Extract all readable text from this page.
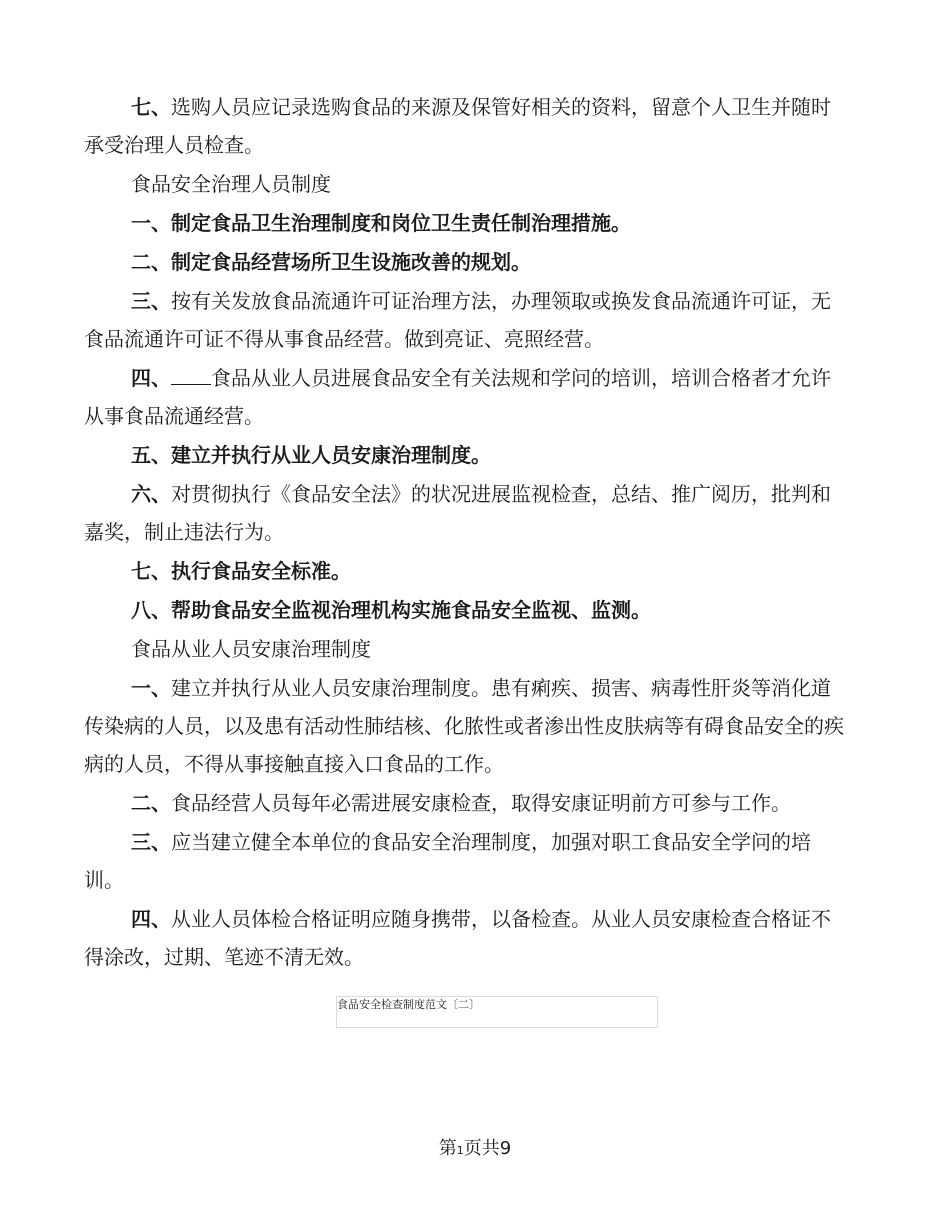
七、选购人员应记录选购食品的来源及保管好相关的资料，留意个人卫生并随时承受治理人员检查。
食品安全治理人员制度
一、制定食品卫生治理制度和岗位卫生责任制治理措施。
二、制定食品经营场所卫生设施改善的规划。
三、按有关发放食品流通许可证治理方法，办理领取或换发食品流通许可证，无食品流通许可证不得从事食品经营。做到亮证、亮照经营。
四、 食品从业人员进展食品安全有关法规和学问的培训，培训合格者才允许从事食品流通经营。
五、建立并执行从业人员安康治理制度。
六、对贯彻执行《食品安全法》的状况进展监视检查，总结、推广阅历，批判和嘉奖，制止违法行为。
七、执行食品安全标准。
八、帮助食品安全监视治理机构实施食品安全监视、监测。
食品从业人员安康治理制度
一、建立并执行从业人员安康治理制度。患有痢疾、损害、病毒性肝炎等消化道传染病的人员，以及患有活动性肺结核、化脓性或者渗出性皮肤病等有碍食品安全的疾病的人员，不得从事接触直接入口食品的工作。
二、食品经营人员每年必需进展安康检查，取得安康证明前方可参与工作。
三、应当建立健全本单位的食品安全治理制度，加强对职工食品安全学问的培训。
四、从业人员体检合格证明应随身携带，以备检查。从业人员安康检查合格证不得涂改，过期、笔迹不清无效。
食品安全检查制度范文〔二〕
第1页共9
